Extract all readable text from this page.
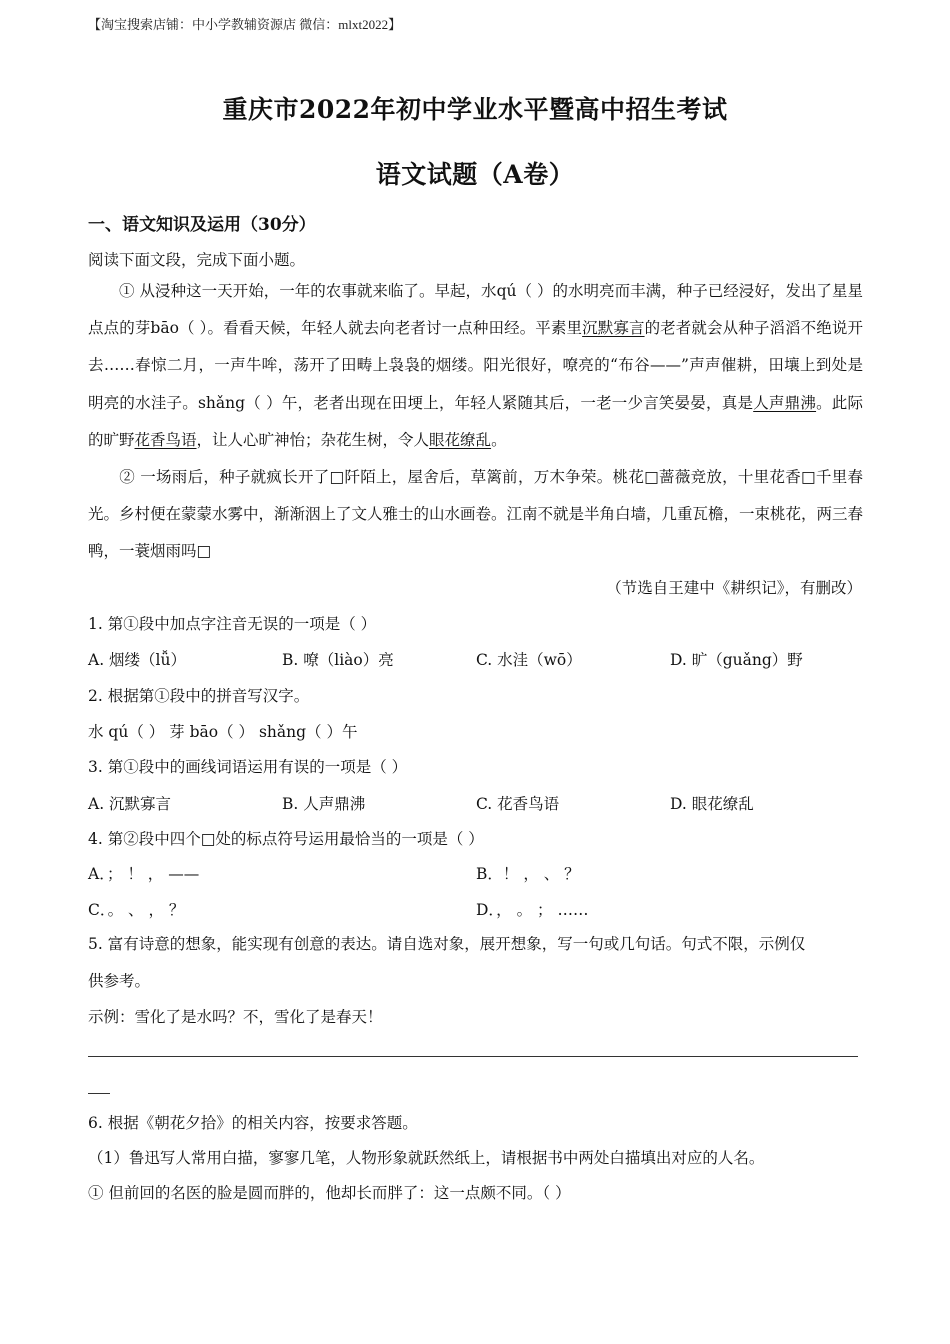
【淘宝搜索店铺：中小学教辅资源店 微信：mlxt2022】
重庆市2022年初中学业水平暨高中招生考试
语文试题（A卷）
一、语文知识及运用（30分）
阅读下面文段，完成下面小题。
① 从浸种这一天开始，一年的农事就来临了。早起，水qú（ ）的水明亮而丰满，种子已经浸好，发出了星星点点的芽bāo（ ）。看看天候，年轻人就去向老者讨一点种田经。平素里沉默寡言的老者就会从种子滔滔不绝说开去……春惊二月，一声牛哞，荡开了田畴上袅袅的烟缕。阳光很好，嘹亮的“布谷——”声声催耕，田壤上到处是明亮的水洼子。shǎng（ ）午，老者出现在田埂上，年轻人紧随其后，一老一少言笑晏晏，真是人声鼎沸。此际的旷野花香鸟语，让人心旷神怡；杂花生树，令人眼花缭乱。
② 一场雨后，种子就疯长开了□阡陌上，屋舍后，草篱前，万木争荣。桃花□蔷薇竞放，十里花香□千里春光。乡村便在蒙蒙水雾中，渐渐洇上了文人雅士的山水画卷。江南不就是半角白墙，几重瓦檐，一束桃花，两三春鸭，一蓑烟雨吗□
（节选自王建中《耕织记》，有删改）
1. 第①段中加点字注音无误的一项是（ ）
A. 烟缕（lǚ）	B. 嘹（liào）亮	C. 水洼（wō）	D. 旷（guǎng）野
2. 根据第①段中的拼音写汉字。
水 qú（ ） 芽 bāo（ ） shǎng（ ）午
3. 第①段中的画线词语运用有误的一项是（ ）
A. 沉默寡言	B. 人声鼎沸	C. 花香鸟语	D. 眼花缭乱
4. 第②段中四个□处的标点符号运用最恰当的一项是（ ）
A．； ！ ， ——	B．！ ， 、 ？
C．。 、 ， ？	D．， 。 ； ……
5. 富有诗意的想象，能实现有创意的表达。请自选对象，展开想象，写一句或几句话。句式不限，示例仅
供参考。
示例：雪化了是水吗？不，雪化了是春天！
6. 根据《朝花夕拾》的相关内容，按要求答题。
（1）鲁迅写人常用白描，寥寥几笔，人物形象就跃然纸上，请根据书中两处白描填出对应的人名。
① 但前回的名医的脸是圆而胖的，他却长而胖了：这一点颇不同。（ ）
